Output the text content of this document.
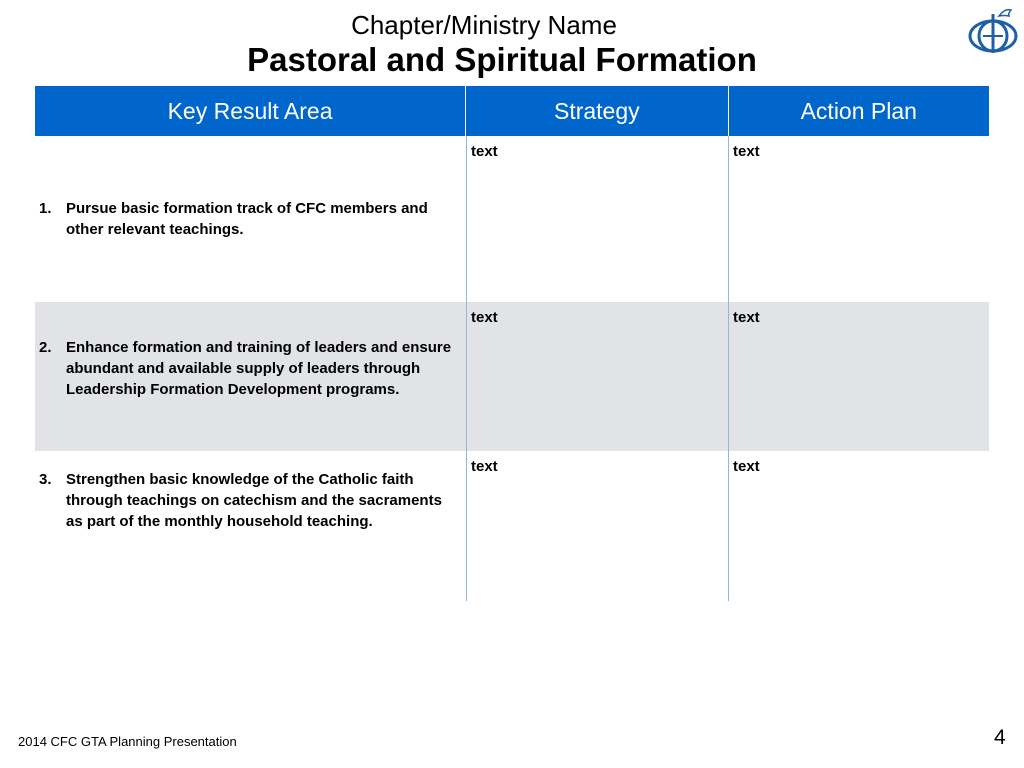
Chapter/Ministry Name
Pastoral and Spiritual Formation
Key Result Area	Strategy	Action Plan
1. Pursue basic formation track of CFC members and other relevant teachings.
text	text
2. Enhance formation and training of leaders and ensure abundant and available supply of leaders through Leadership Formation Development programs.
text	text
3. Strengthen basic knowledge of the Catholic faith through teachings on catechism and the sacraments as part of the monthly household teaching.
text	text
2014 CFC GTA Planning Presentation	4
